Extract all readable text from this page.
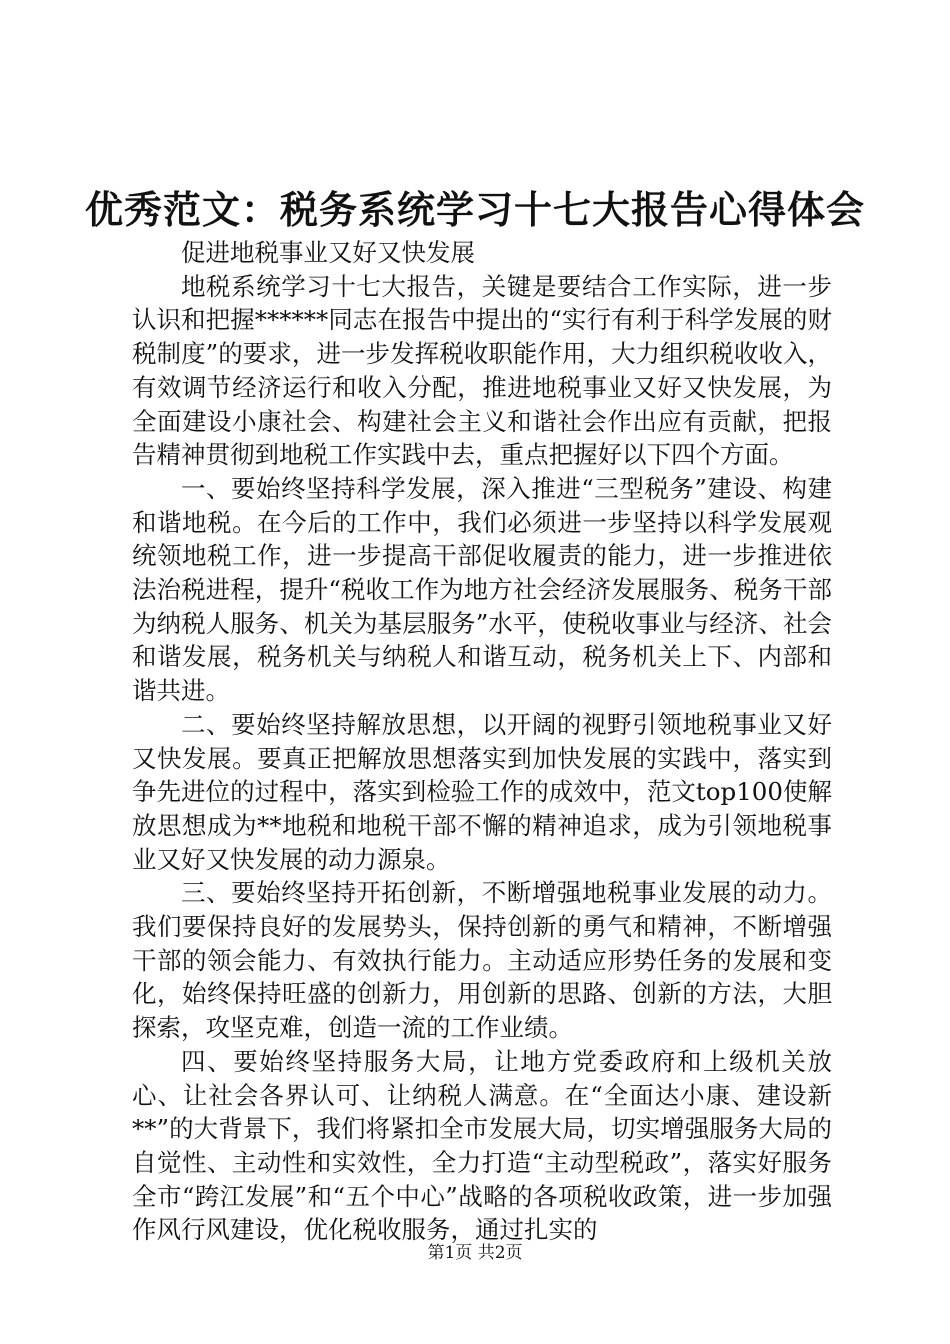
优秀范文：税务系统学习十七大报告心得体会

促进地税事业又好又快发展

地税系统学习十七大报告，关键是要结合工作实际，进一步认识和把握******同志在报告中提出的“实行有利于科学发展的财税制度”的要求，进一步发挥税收职能作用，大力组织税收收入，有效调节经济运行和收入分配，推进地税事业又好又快发展，为全面建设小康社会、构建社会主义和谐社会作出应有贡献，把报告精神贯彻到地税工作实践中去，重点把握好以下四个方面。

一、要始终坚持科学发展，深入推进“三型税务”建设、构建和谐地税。在今后的工作中，我们必须进一步坚持以科学发展观统领地税工作，进一步提高干部促收履责的能力，进一步推进依法治税进程，提升“税收工作为地方社会经济发展服务、税务干部为纳税人服务、机关为基层服务”水平，使税收事业与经济、社会和谐发展，税务机关与纳税人和谐互动，税务机关上下、内部和谐共进。

二、要始终坚持解放思想，以开阔的视野引领地税事业又好又快发展。要真正把解放思想落实到加快发展的实践中，落实到争先进位的过程中，落实到检验工作的成效中，范文top100使解放思想成为**地税和地税干部不懈的精神追求，成为引领地税事业又好又快发展的动力源泉。

三、要始终坚持开拓创新，不断增强地税事业发展的动力。我们要保持良好的发展势头，保持创新的勇气和精神，不断增强干部的领会能力、有效执行能力。主动适应形势任务的发展和变化，始终保持旺盛的创新力，用创新的思路、创新的方法，大胆探索，攻坚克难，创造一流的工作业绩。

四、要始终坚持服务大局，让地方党委政府和上级机关放心、让社会各界认可、让纳税人满意。在“全面达小康、建设新**”的大背景下，我们将紧扣全市发展大局，切实增强服务大局的自觉性、主动性和实效性，全力打造“主动型税政”，落实好服务全市“跨江发展”和“五个中心”战略的各项税收政策，进一步加强作风行风建设，优化税收服务，通过扎实的

第1页 共2页
